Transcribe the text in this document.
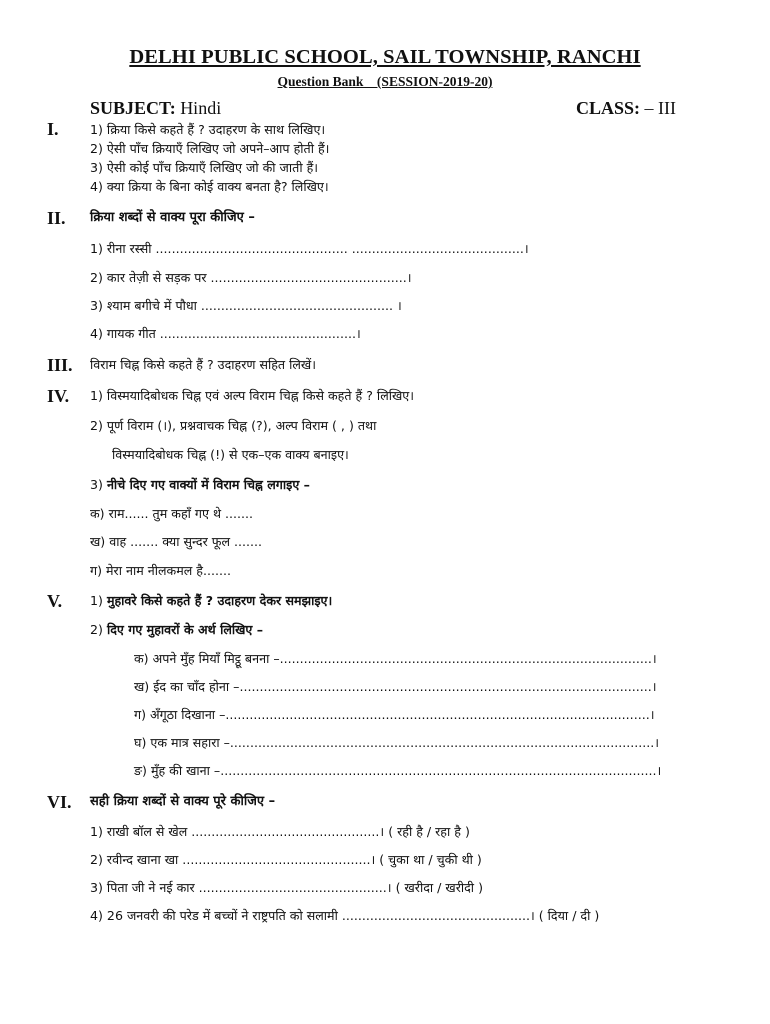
DELHI PUBLIC SCHOOL, SAIL TOWNSHIP, RANCHI
Question Bank    (SESSION-2019-20)
SUBJECT: Hindi	CLASS: – III
I. 1) क्रिया किसे कहते हैं ? उदाहरण के साथ लिखिए।
2) ऐसी पाँच क्रियाएँ लिखिए जो अपने–आप होती हैं।
3) ऐसी कोई पाँच क्रियाएँ लिखिए जो की जाती हैं।
4) क्या क्रिया के बिना कोई वाक्य बनता है? लिखिए।
II. क्रिया शब्दों से वाक्य पूरा कीजिए –
1) रीना रस्सी ................................................ ...........................................।
2) कार तेज़ी से सड़क पर .................................................।
3) श्याम बगीचे में पौधा ................................................ ।
4) गायक गीत .................................................।
III. विराम चिह्न किसे कहते हैं ? उदाहरण सहित लिखें।
IV. 1) विस्मयादिबोधक चिह्न एवं अल्प विराम चिह्न किसे कहते हैं ? लिखिए।
2) पूर्ण विराम (।), प्रश्नवाचक चिह्न (?), अल्प विराम ( , ) तथा
विस्मयादिबोधक चिह्न (!) से एक–एक वाक्य बनाइए।
3) नीचे दिए गए वाक्यों में विराम चिह्न लगाइए –
क) राम...... तुम कहाँ गए थे .......
ख) वाह ....... क्या सुन्दर फूल .......
ग) मेरा नाम नीलकमल है.......
V. 1) मुहावरे किसे कहते हैं ? उदाहरण देकर समझाइए।
2) दिए गए मुहावरों के अर्थ लिखिए –
क) अपने मुँह मियाँ मिट्ठू बनना –.............................................................................................।
ख) ईद का चाँद होना –.......................................................................................................।
ग) अँगूठा दिखाना –..........................................................................................................।
घ) एक मात्र सहारा –..........................................................................................................।
ङ) मुँह की खाना –.............................................................................................................।
VI. सही क्रिया शब्दों से वाक्य पूरे कीजिए –
1) राखी बॉल से खेल ...............................................। ( रही है / रहा है )
2) रवीन्द खाना खा ...............................................। ( चुका था / चुकी थी )
3) पिता जी ने नई कार ...............................................। ( खरीदा / खरीदी )
4) 26 जनवरी की परेड में बच्चों ने राष्ट्रपति को सलामी ...............................................। ( दिया / दी )
